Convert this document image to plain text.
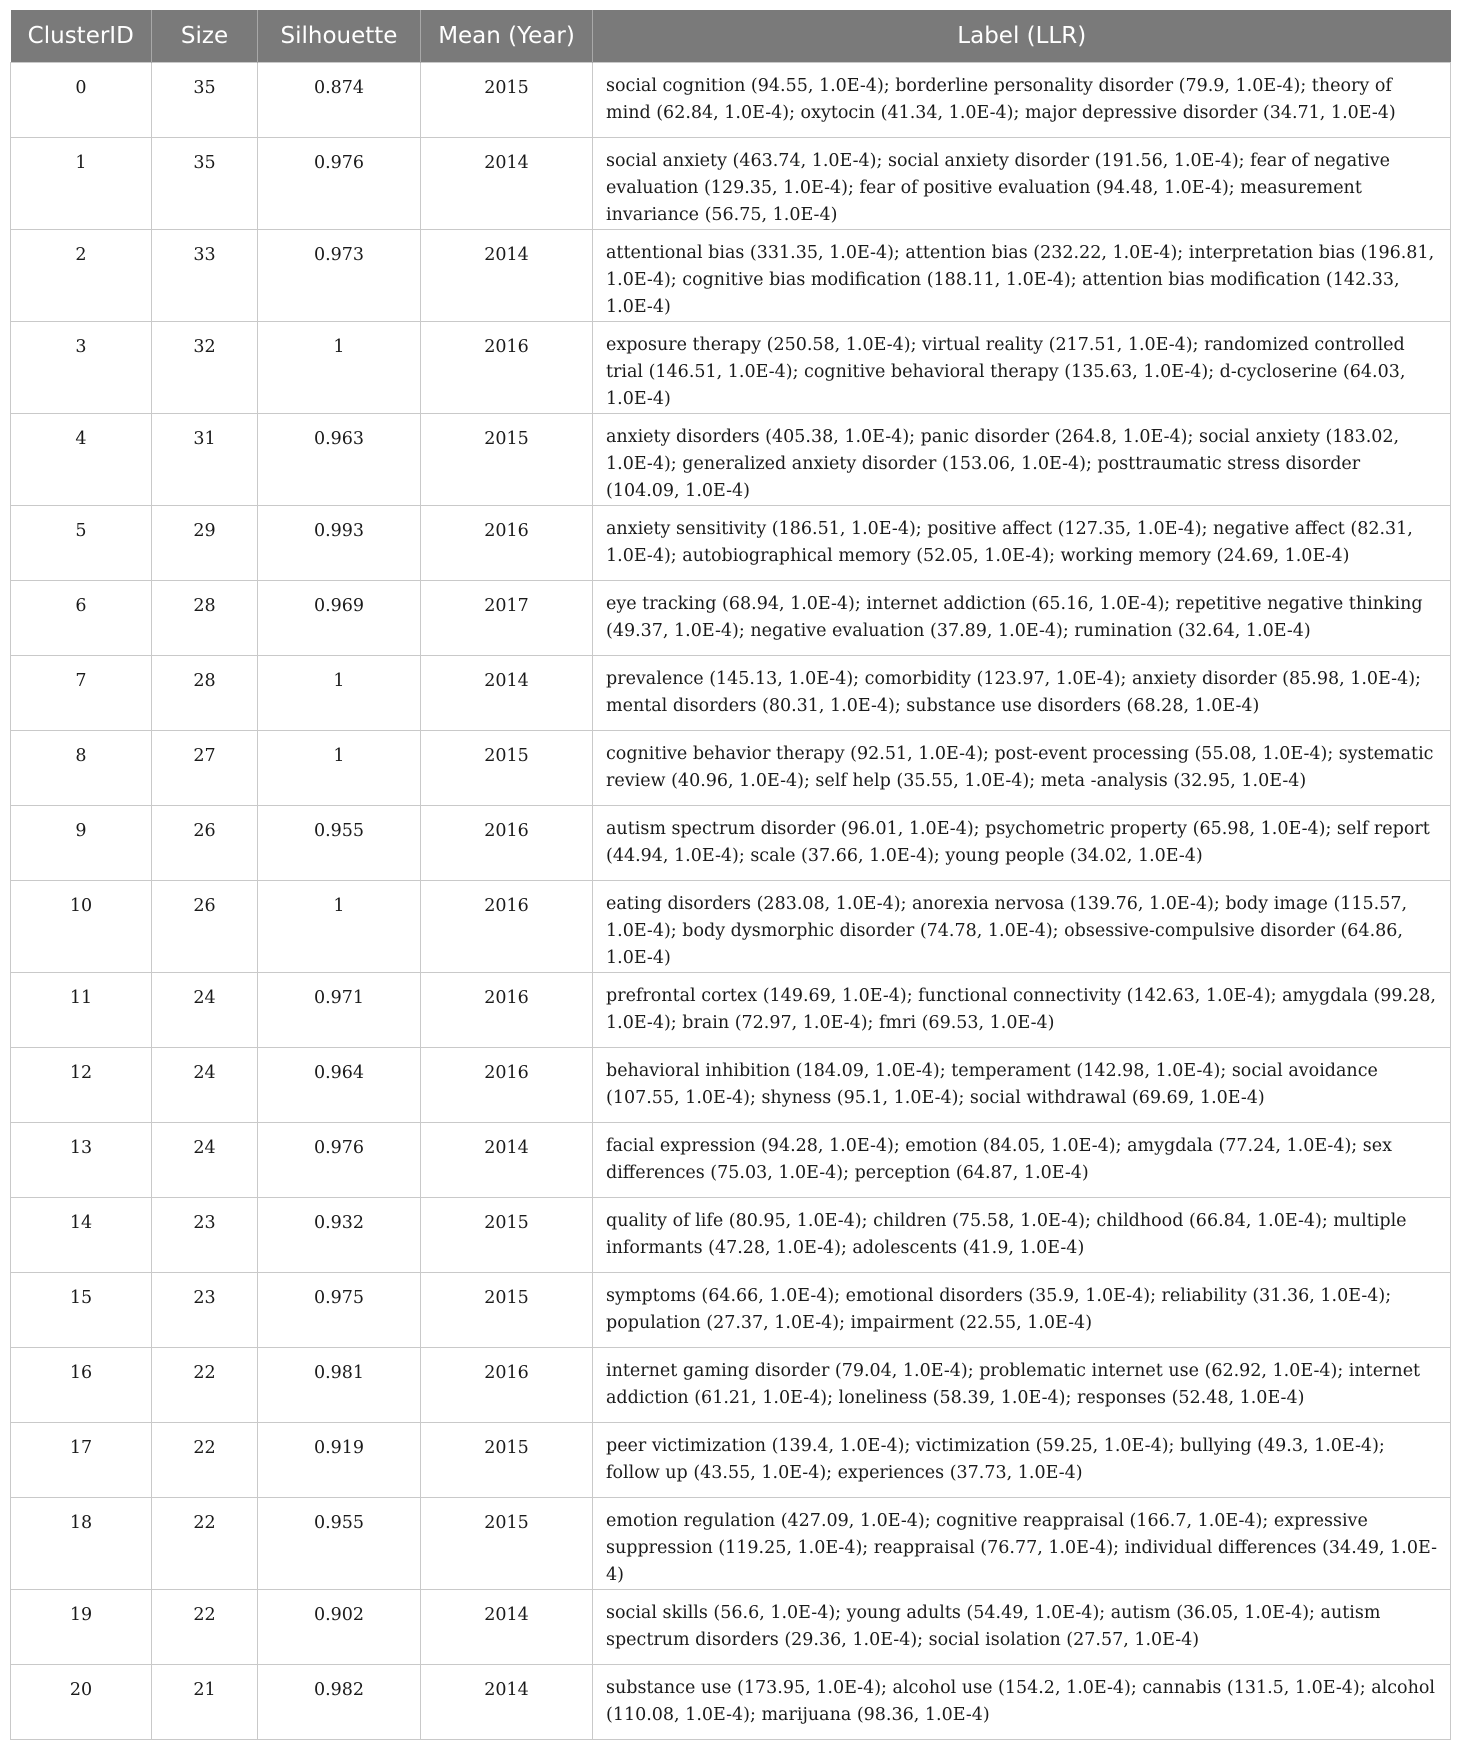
ClusterID	Size	Silhouette	Mean (Year)	Label (LLR)
0	35	0.874	2015	social cognition (94.55, 1.0E-4); borderline personality disorder (79.9, 1.0E-4); theory of mind (62.84, 1.0E-4); oxytocin (41.34, 1.0E-4); major depressive disorder (34.71, 1.0E-4)
1	35	0.976	2014	social anxiety (463.74, 1.0E-4); social anxiety disorder (191.56, 1.0E-4); fear of negative evaluation (129.35, 1.0E-4); fear of positive evaluation (94.48, 1.0E-4); measurement invariance (56.75, 1.0E-4)
2	33	0.973	2014	attentional bias (331.35, 1.0E-4); attention bias (232.22, 1.0E-4); interpretation bias (196.81, 1.0E-4); cognitive bias modification (188.11, 1.0E-4); attention bias modification (142.33, 1.0E-4)
3	32	1	2016	exposure therapy (250.58, 1.0E-4); virtual reality (217.51, 1.0E-4); randomized controlled trial (146.51, 1.0E-4); cognitive behavioral therapy (135.63, 1.0E-4); d-cycloserine (64.03, 1.0E-4)
4	31	0.963	2015	anxiety disorders (405.38, 1.0E-4); panic disorder (264.8, 1.0E-4); social anxiety (183.02, 1.0E-4); generalized anxiety disorder (153.06, 1.0E-4); posttraumatic stress disorder (104.09, 1.0E-4)
5	29	0.993	2016	anxiety sensitivity (186.51, 1.0E-4); positive affect (127.35, 1.0E-4); negative affect (82.31, 1.0E-4); autobiographical memory (52.05, 1.0E-4); working memory (24.69, 1.0E-4)
6	28	0.969	2017	eye tracking (68.94, 1.0E-4); internet addiction (65.16, 1.0E-4); repetitive negative thinking (49.37, 1.0E-4); negative evaluation (37.89, 1.0E-4); rumination (32.64, 1.0E-4)
7	28	1	2014	prevalence (145.13, 1.0E-4); comorbidity (123.97, 1.0E-4); anxiety disorder (85.98, 1.0E-4); mental disorders (80.31, 1.0E-4); substance use disorders (68.28, 1.0E-4)
8	27	1	2015	cognitive behavior therapy (92.51, 1.0E-4); post-event processing (55.08, 1.0E-4); systematic review (40.96, 1.0E-4); self help (35.55, 1.0E-4); meta -analysis (32.95, 1.0E-4)
9	26	0.955	2016	autism spectrum disorder (96.01, 1.0E-4); psychometric property (65.98, 1.0E-4); self report (44.94, 1.0E-4); scale (37.66, 1.0E-4); young people (34.02, 1.0E-4)
10	26	1	2016	eating disorders (283.08, 1.0E-4); anorexia nervosa (139.76, 1.0E-4); body image (115.57, 1.0E-4); body dysmorphic disorder (74.78, 1.0E-4); obsessive-compulsive disorder (64.86, 1.0E-4)
11	24	0.971	2016	prefrontal cortex (149.69, 1.0E-4); functional connectivity (142.63, 1.0E-4); amygdala (99.28, 1.0E-4); brain (72.97, 1.0E-4); fmri (69.53, 1.0E-4)
12	24	0.964	2016	behavioral inhibition (184.09, 1.0E-4); temperament (142.98, 1.0E-4); social avoidance (107.55, 1.0E-4); shyness (95.1, 1.0E-4); social withdrawal (69.69, 1.0E-4)
13	24	0.976	2014	facial expression (94.28, 1.0E-4); emotion (84.05, 1.0E-4); amygdala (77.24, 1.0E-4); sex differences (75.03, 1.0E-4); perception (64.87, 1.0E-4)
14	23	0.932	2015	quality of life (80.95, 1.0E-4); children (75.58, 1.0E-4); childhood (66.84, 1.0E-4); multiple informants (47.28, 1.0E-4); adolescents (41.9, 1.0E-4)
15	23	0.975	2015	symptoms (64.66, 1.0E-4); emotional disorders (35.9, 1.0E-4); reliability (31.36, 1.0E-4); population (27.37, 1.0E-4); impairment (22.55, 1.0E-4)
16	22	0.981	2016	internet gaming disorder (79.04, 1.0E-4); problematic internet use (62.92, 1.0E-4); internet addiction (61.21, 1.0E-4); loneliness (58.39, 1.0E-4); responses (52.48, 1.0E-4)
17	22	0.919	2015	peer victimization (139.4, 1.0E-4); victimization (59.25, 1.0E-4); bullying (49.3, 1.0E-4); follow up (43.55, 1.0E-4); experiences (37.73, 1.0E-4)
18	22	0.955	2015	emotion regulation (427.09, 1.0E-4); cognitive reappraisal (166.7, 1.0E-4); expressive suppression (119.25, 1.0E-4); reappraisal (76.77, 1.0E-4); individual differences (34.49, 1.0E-4)
19	22	0.902	2014	social skills (56.6, 1.0E-4); young adults (54.49, 1.0E-4); autism (36.05, 1.0E-4); autism spectrum disorders (29.36, 1.0E-4); social isolation (27.57, 1.0E-4)
20	21	0.982	2014	substance use (173.95, 1.0E-4); alcohol use (154.2, 1.0E-4); cannabis (131.5, 1.0E-4); alcohol (110.08, 1.0E-4); marijuana (98.36, 1.0E-4)
